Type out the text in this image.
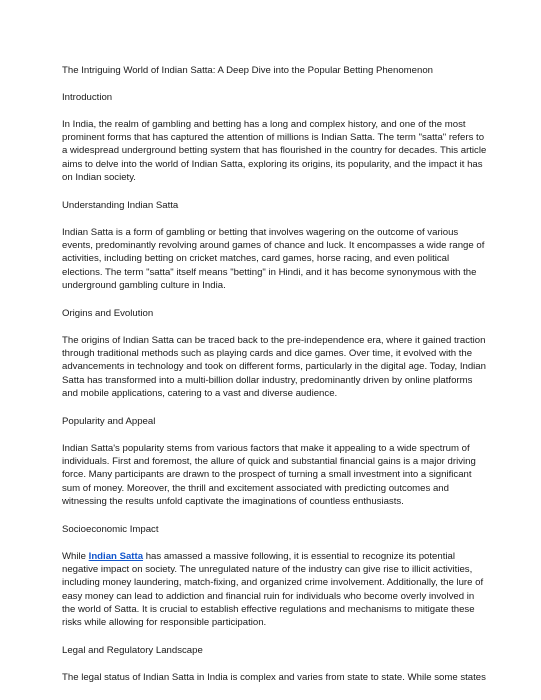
The Intriguing World of Indian Satta: A Deep Dive into the Popular Betting Phenomenon

Introduction

In India, the realm of gambling and betting has a long and complex history, and one of the most prominent forms that has captured the attention of millions is Indian Satta. The term "satta" refers to a widespread underground betting system that has flourished in the country for decades. This article aims to delve into the world of Indian Satta, exploring its origins, its popularity, and the impact it has on Indian society.

Understanding Indian Satta

Indian Satta is a form of gambling or betting that involves wagering on the outcome of various events, predominantly revolving around games of chance and luck. It encompasses a wide range of activities, including betting on cricket matches, card games, horse racing, and even political elections. The term "satta" itself means "betting" in Hindi, and it has become synonymous with the underground gambling culture in India.

Origins and Evolution

The origins of Indian Satta can be traced back to the pre-independence era, where it gained traction through traditional methods such as playing cards and dice games. Over time, it evolved with the advancements in technology and took on different forms, particularly in the digital age. Today, Indian Satta has transformed into a multi-billion dollar industry, predominantly driven by online platforms and mobile applications, catering to a vast and diverse audience.

Popularity and Appeal

Indian Satta's popularity stems from various factors that make it appealing to a wide spectrum of individuals. First and foremost, the allure of quick and substantial financial gains is a major driving force. Many participants are drawn to the prospect of turning a small investment into a significant sum of money. Moreover, the thrill and excitement associated with predicting outcomes and witnessing the results unfold captivate the imaginations of countless enthusiasts.

Socioeconomic Impact

While Indian Satta has amassed a massive following, it is essential to recognize its potential negative impact on society. The unregulated nature of the industry can give rise to illicit activities, including money laundering, match-fixing, and organized crime involvement. Additionally, the lure of easy money can lead to addiction and financial ruin for individuals who become overly involved in the world of Satta. It is crucial to establish effective regulations and mechanisms to mitigate these risks while allowing for responsible participation.

Legal and Regulatory Landscape

The legal status of Indian Satta in India is complex and varies from state to state. While some states
